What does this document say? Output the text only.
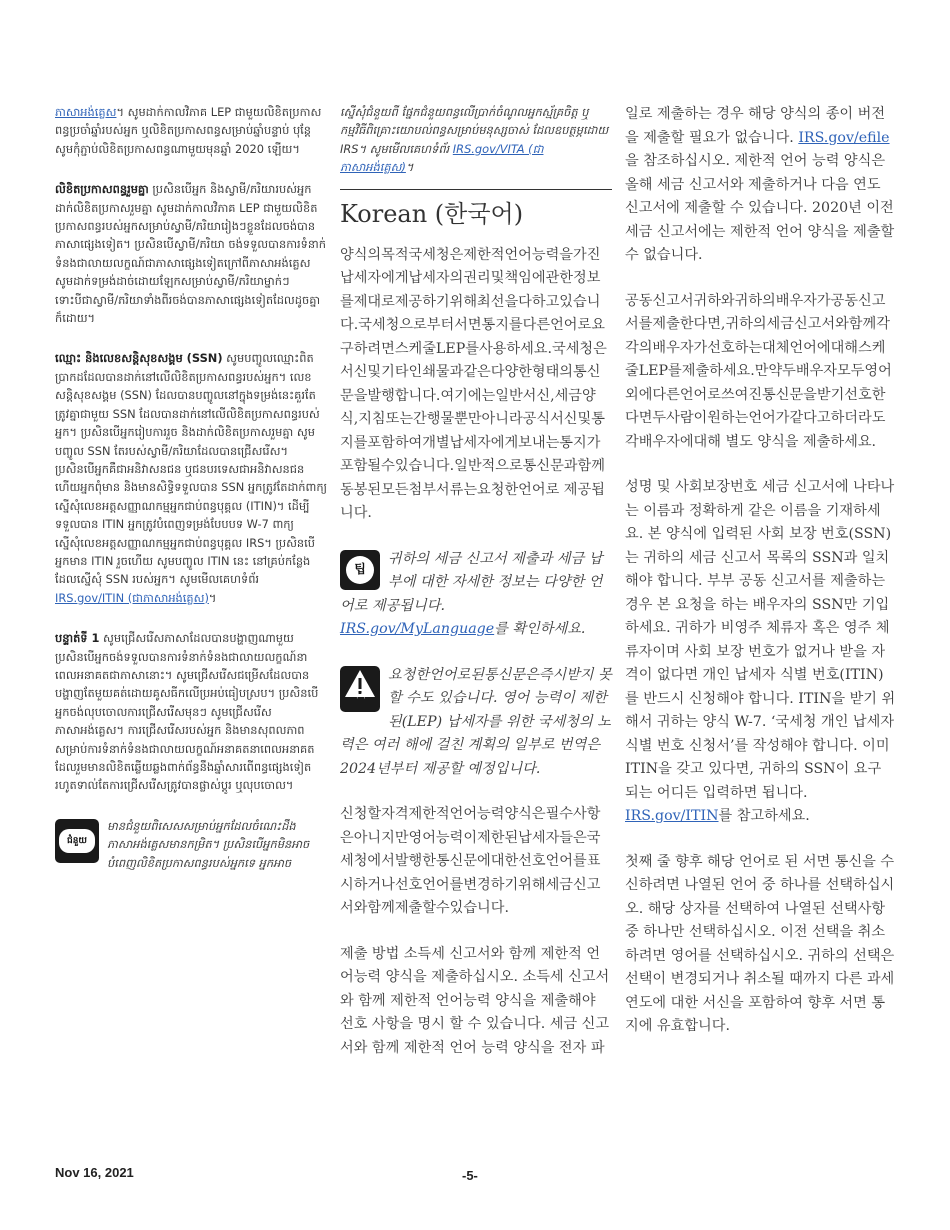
ភាសាអង់គ្លេស។ សូមដាក់កាលវិភាគ LEP ជាមួយលិខិតប្រកាសពន្ធប្រចាំឆ្នាំរបស់អ្នក ឬលិខិតប្រកាសពន្ធសម្រាប់ឆ្នាំបន្ទាប់ បុន្តែសូមកុំភ្ជាប់លិខិតប្រកាសពន្ធណាមួយមុនឆ្នាំ 2020 ឡើយ។

លិខិតប្រកាសពន្ធរួមគ្នា ប្រសិនបើអ្នក និងស្វាមី/ភរិយារបស់អ្នកដាក់លិខិតប្រកាសរួមគ្នា សូមដាក់កាលវិភាគ LEP ជាមួយលិខិតប្រកាសពន្ធរបស់អ្នកសម្រាប់ស្វាមី/ភរិយារៀងៗខ្លួនដែលចង់បានភាសាផ្សេងទៀត។ ប្រសិនបើស្វាមី/ភរិយា ចង់ទទួលបានការទំនាក់ទំនងជាលាយលក្ខណ៍ជាភាសាផ្សេងទៀតក្រៅពីភាសាអង់គ្លេស សូមដាក់ទម្រង់ដាច់ដោយឡែកសម្រាប់ស្វាមី/ភរិយាម្នាក់ៗ ទោះបីជាស្វាមី/ភរិយាទាំងពីរចង់បានភាសាផ្សេងទៀតដែលដូចគ្នាក៏ដោយ។

ឈ្មោះ និងលេខសន្តិសុខសង្គម (SSN) សូមបញ្ចូលឈ្មោះពិតប្រាកដដែលបានដាក់នៅលើលិខិតប្រកាសពន្ធរបស់អ្នក។ លេខសន្តិសុខសង្គម (SSN) ដែលបានបញ្ចូលនៅក្នុងទម្រង់នេះគួរតែត្រូវគ្នាជាមួយ SSN ដែលបានដាក់នៅលើលិខិតប្រកាសពន្ធរបស់អ្នក។ ប្រសិនបើអ្នករៀបការរួច និងដាក់លិខិតប្រកាសរួមគ្នា សូមបញ្ចូល SSN តែរបស់ស្វាមី/ភរិយាដែលបានជ្រើសរើស។ ប្រសិនបើអ្នកគឺជាអនិវាសនជន ឬជនបរទេសជាអនិវាសនជន ហើយអ្នកពុំមាន និងមានសិទ្ធិទទួលបាន SSN អ្នកត្រូវតែដាក់ពាក្យស្នើសុំលេខអត្តសញ្ញាណកម្មអ្នកជាប់ពន្ធបុគ្គល (ITIN)។ ដើម្បីទទួលបាន ITIN អ្នកត្រូវបំពេញទម្រង់បែបបទ W-7 ពាក្យស្នើសុំលេខអត្តសញ្ញាណកម្មអ្នកជាប់ពន្ធបុគ្គល IRS។ ប្រសិនបើអ្នកមាន ITIN រួចហើយ សូមបញ្ចូល ITIN នេះ នៅគ្រប់កន្លែងដែលស្នើសុំ SSN របស់អ្នក។ សូមមើលគេហទំព័រ IRS.gov/ITIN (ជាភាសាអង់គ្លេស)។

បន្ទាត់ទី 1 សូមជ្រើសរើសភាសាដែលបានបង្ហាញណាមួយ ប្រសិនបើអ្នកចង់ទទួលបានការទំនាក់ទំនងជាលាយលក្ខណ៍នាពេលអនាគតជាភាសានោះ។ សូមជ្រើសរើសជម្រើសដែលបានបង្ហាញតែមួយគត់ដោយគូសធីកលើប្រអប់ធៀបស្រប។ ប្រសិនបើអ្នកចង់លុបចោលការជ្រើសរើសមុនៗ សូមជ្រើសរើសភាសាអង់គ្លេស។ ការជ្រើសរើសរបស់អ្នក និងមានសុពលភាពសម្រាប់ការទំនាក់ទំនងជាលាយលក្ខណ៍អនាគតនាពេលអនាគតដែលរួមមានលិខិតឆ្លើយឆ្លងពាក់ព័ន្ធនឹងឆ្នាំសារពើពន្ធផ្សេងទៀត រហូតទាល់តែការជ្រើសរើសត្រូវបានផ្លាស់ប្តូរ ឬលុបចោល។

ជំនួយ
មានជំនួយពិសេសសម្រាប់អ្នកដែលចំណេះដឹងភាសាអង់គ្លេសមានកម្រិត។ ប្រសិនបើអ្នកមិនអាចបំពេញលិខិតប្រកាសពន្ធរបស់អ្នកទេ អ្នកអាច

ស្នើសុំជំនួយពី ផ្នែកជំនួយពន្ធលើប្រាក់ចំណូលអ្នកស្ម័គ្រចិត្ត ឬ កម្មវិធីពិគ្រោះយោបល់ពន្ធសម្រាប់មនុស្សចាស់ ដែលឧបត្ថម្ភដោយ IRS។ សូមមើលគេហទំព័រ IRS.gov/VITA (ជាភាសាអង់គ្លេស)។

Korean (한국어)

양식의목적국세청은제한적언어능력을가진납세자에게납세자의권리및책임에관한정보를제대로제공하기위해최선을다하고있습니다.국세청으로부터서면통지를다른언어로요구하려면스케줄LEP를사용하세요.국세청은서신및기타인쇄물과같은다양한형태의통신문을발행합니다.여기에는일반서신,세금양식,지침또는간행물뿐만아니라공식서신및통지를포함하여개별납세자에게보내는통지가포함될수있습니다.일반적으로통신문과함께동봉된모든첨부서류는요청한언어로 제공됩니다.

팁
귀하의 세금 신고서 제출과 세금 납부에 대한 자세한 정보는 다양한 언어로 제공됩니다.
IRS.gov/MyLanguage를 확인하세요.
주의
요청한언어로된통신문은즉시받지 못할 수도 있습니다. 영어 능력이 제한된(LEP) 납세자를 위한 국세청의 노력은 여러 해에 걸친 계획의 일부로 번역은 2024년부터 제공할 예정입니다.

신청할자격제한적언어능력양식은필수사항은아니지만영어능력이제한된납세자들은국세청에서발행한통신문에대한선호언어를표시하거나선호언어를변경하기위해세금신고서와함께제출할수있습니다.

제출 방법 소득세 신고서와 함께 제한적 언어능력 양식을 제출하십시오. 소득세 신고서와 함께 제한적 언어능력 양식을 제출해야 선호 사항을 명시 할 수 있습니다. 세금 신고서와 함께 제한적 언어 능력 양식을 전자 파

일로 제출하는 경우 해당 양식의 종이 버전을 제출할 필요가 없습니다. IRS.gov/efile 을 참조하십시오. 제한적 언어 능력 양식은 올해 세금 신고서와 제출하거나 다음 연도 신고서에 제출할 수 있습니다. 2020년 이전 세금 신고서에는 제한적 언어 양식을 제출할 수 없습니다.

공동신고서귀하와귀하의배우자가공동신고서를제출한다면,귀하의세금신고서와함께각각의배우자가선호하는대체언어에대해스케줄LEP를제출하세요.만약두배우자모두영어외에다른언어로쓰여진통신문을받기선호한다면두사람이원하는언어가같다고하더라도각배우자에대해 별도 양식을 제출하세요.

성명 및 사회보장번호 세금 신고서에 나타나는 이름과 정확하게 같은 이름을 기재하세요. 본 양식에 입력된 사회 보장 번호(SSN)는 귀하의 세금 신고서 목록의 SSN과 일치해야 합니다. 부부 공동 신고서를 제출하는 경우 본 요청을 하는 배우자의 SSN만 기입하세요. 귀하가 비영주 체류자 혹은 영주 체류자이며 사회 보장 번호가 없거나 받을 자격이 없다면 개인 납세자 식별 번호(ITIN)를 반드시 신청해야 합니다. ITIN을 받기 위해서 귀하는 양식 W-7. ‘국세청 개인 납세자 식별 번호 신청서’를 작성해야 합니다. 이미 ITIN을 갖고 있다면, 귀하의 SSN이 요구 되는 어디든 입력하면 됩니다. IRS.gov/ITIN를 참고하세요.

첫째 줄 향후 해당 언어로 된 서면 통신을 수신하려면 나열된 언어 중 하나를 선택하십시오. 해당 상자를 선택하여 나열된 선택사항 중 하나만 선택하십시오. 이전 선택을 취소하려면 영어를 선택하십시오. 귀하의 선택은 선택이 변경되거나 취소될 때까지 다른 과세 연도에 대한 서신을 포함하여 향후 서면 통지에 유효합니다.

Nov 16, 2021	-5-
